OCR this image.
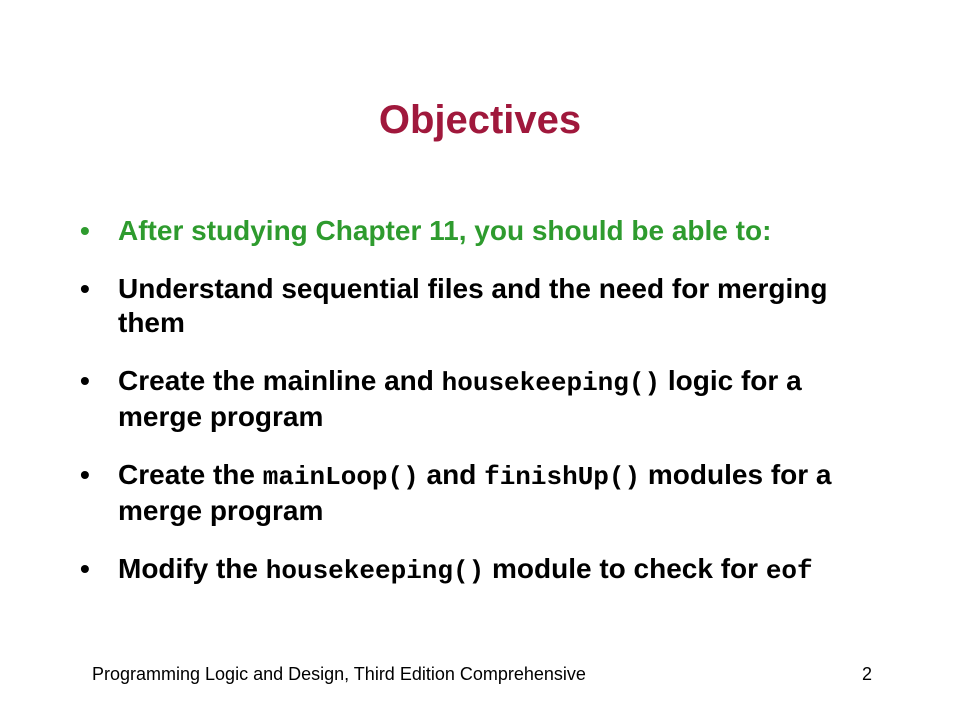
Objectives
• After studying Chapter 11, you should be able to:
• Understand sequential files and the need for merging them
• Create the mainline and housekeeping() logic for a merge program
• Create the mainLoop() and finishUp() modules for a merge program
• Modify the housekeeping() module to check for eof
Programming Logic and Design, Third Edition Comprehensive	2
